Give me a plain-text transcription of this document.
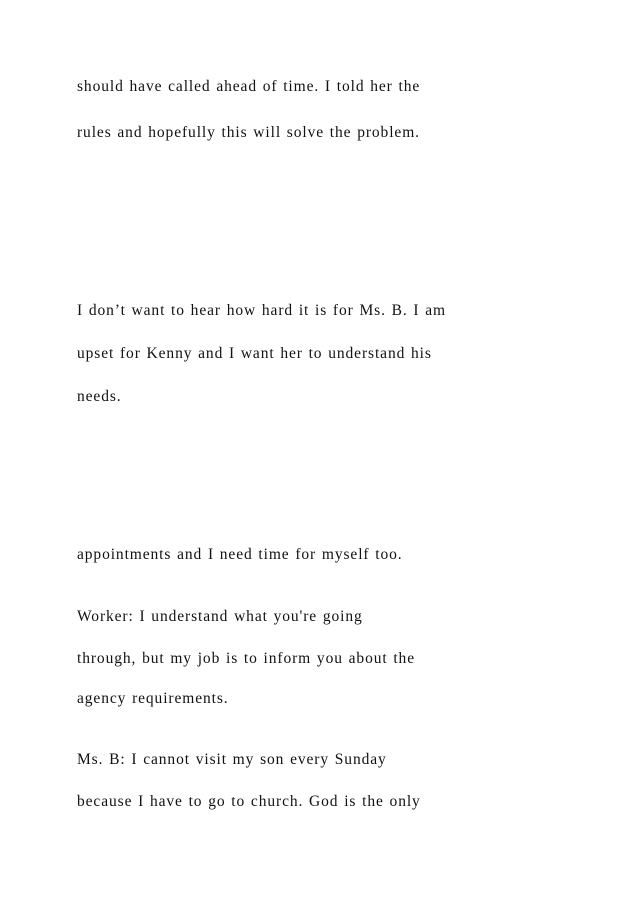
should have called ahead of time. I told her the
rules and hopefully this will solve the problem.
I don’t want to hear how hard it is for Ms. B. I am
upset for Kenny and I want her to understand his
needs.
appointments and I need time for myself too.
Worker: I understand what you're going
through, but my job is to inform you about the
agency requirements.
Ms. B: I cannot visit my son every Sunday
because I have to go to church. God is the only
